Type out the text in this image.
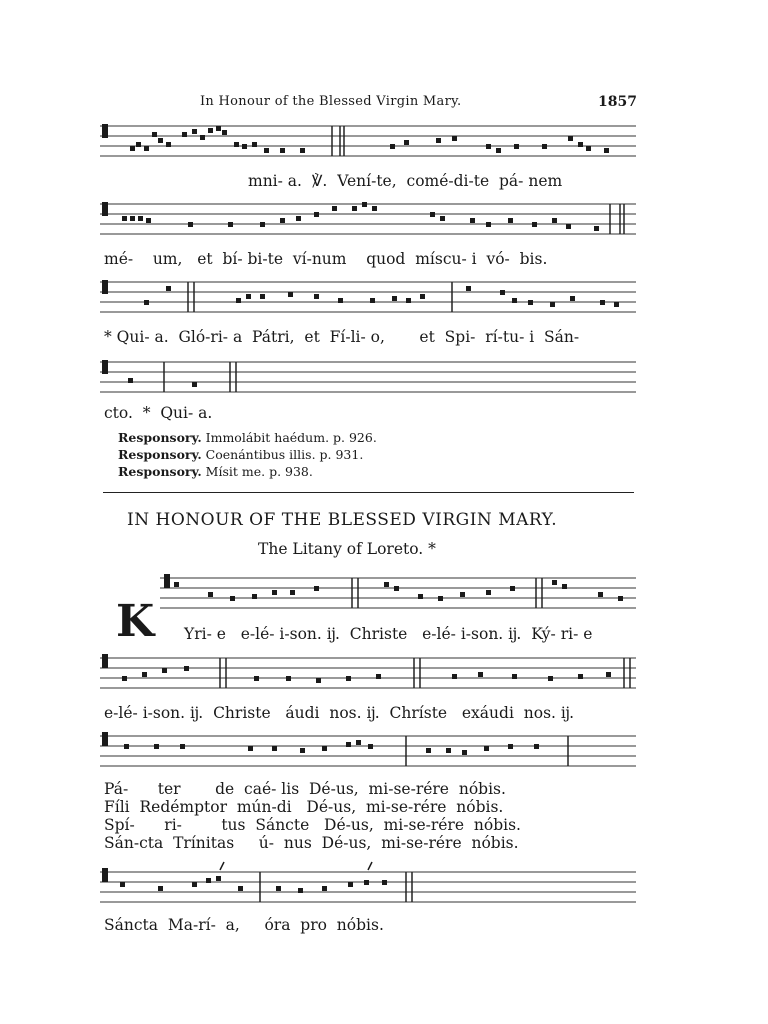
In Honour of the Blessed Virgin Mary.	1857
mni- a.  ℣.  Vení-te,  comé-di-te  pá- nem
mé-    um,   et  bí- bi-te  ví-num    quod  míscu- i  vó-  bis.
* Qui- a.  Gló-ri- a  Pátri,  et  Fí-li- o,       et  Spi-  rí-tu- i  Sán-
cto.  *  Qui- a.
Responsory. Immolábit haédum. p. 926.
Responsory. Coenántibus illis. p. 931.
Responsory. Mísit me. p. 938.
IN HONOUR OF THE BLESSED VIRGIN MARY.
The Litany of Loreto. *
K Yri- e   e-lé- i-son. ĳ.  Christe   e-lé- i-son. ĳ.  Ký- ri- e
e-lé- i-son. ĳ.  Christe   áudi  nos. ĳ.  Chríste   exáudi  nos. ĳ.
Pá-      ter       de  caé- lis  Dé-us,  mi-se-rére  nóbis.
Fíli  Redémptor  mún-di   Dé-us,  mi-se-rére  nóbis.
Spí-      ri-        tus  Sáncte   Dé-us,  mi-se-rére  nóbis.
Sán-cta  Trínitas     ú-  nus  Dé-us,  mi-se-rére  nóbis.
Sáncta  Ma-rí-  a,     óra  pro  nóbis.
